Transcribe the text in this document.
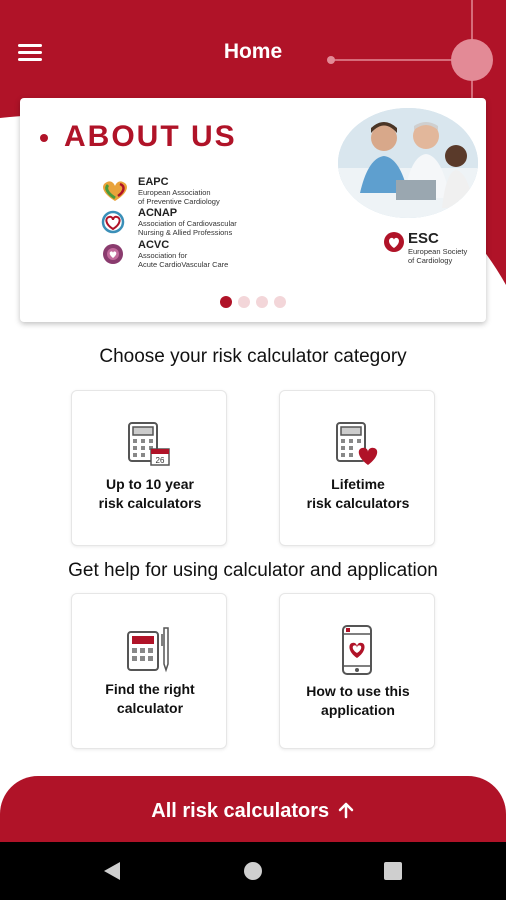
Home
ABOUT US
EAPC
European Association
of Preventive Cardiology
ACNAP
Association of Cardiovascular
Nursing & Allied Professions
ACVC
Association for
Acute CardioVascular Care
ESC
European Society
of Cardiology
Choose your risk calculator category
26
Up to 10 year
risk calculators
Lifetime
risk calculators
Get help for using calculator and application
Find the right
calculator
How to use this
application
All risk calculators
